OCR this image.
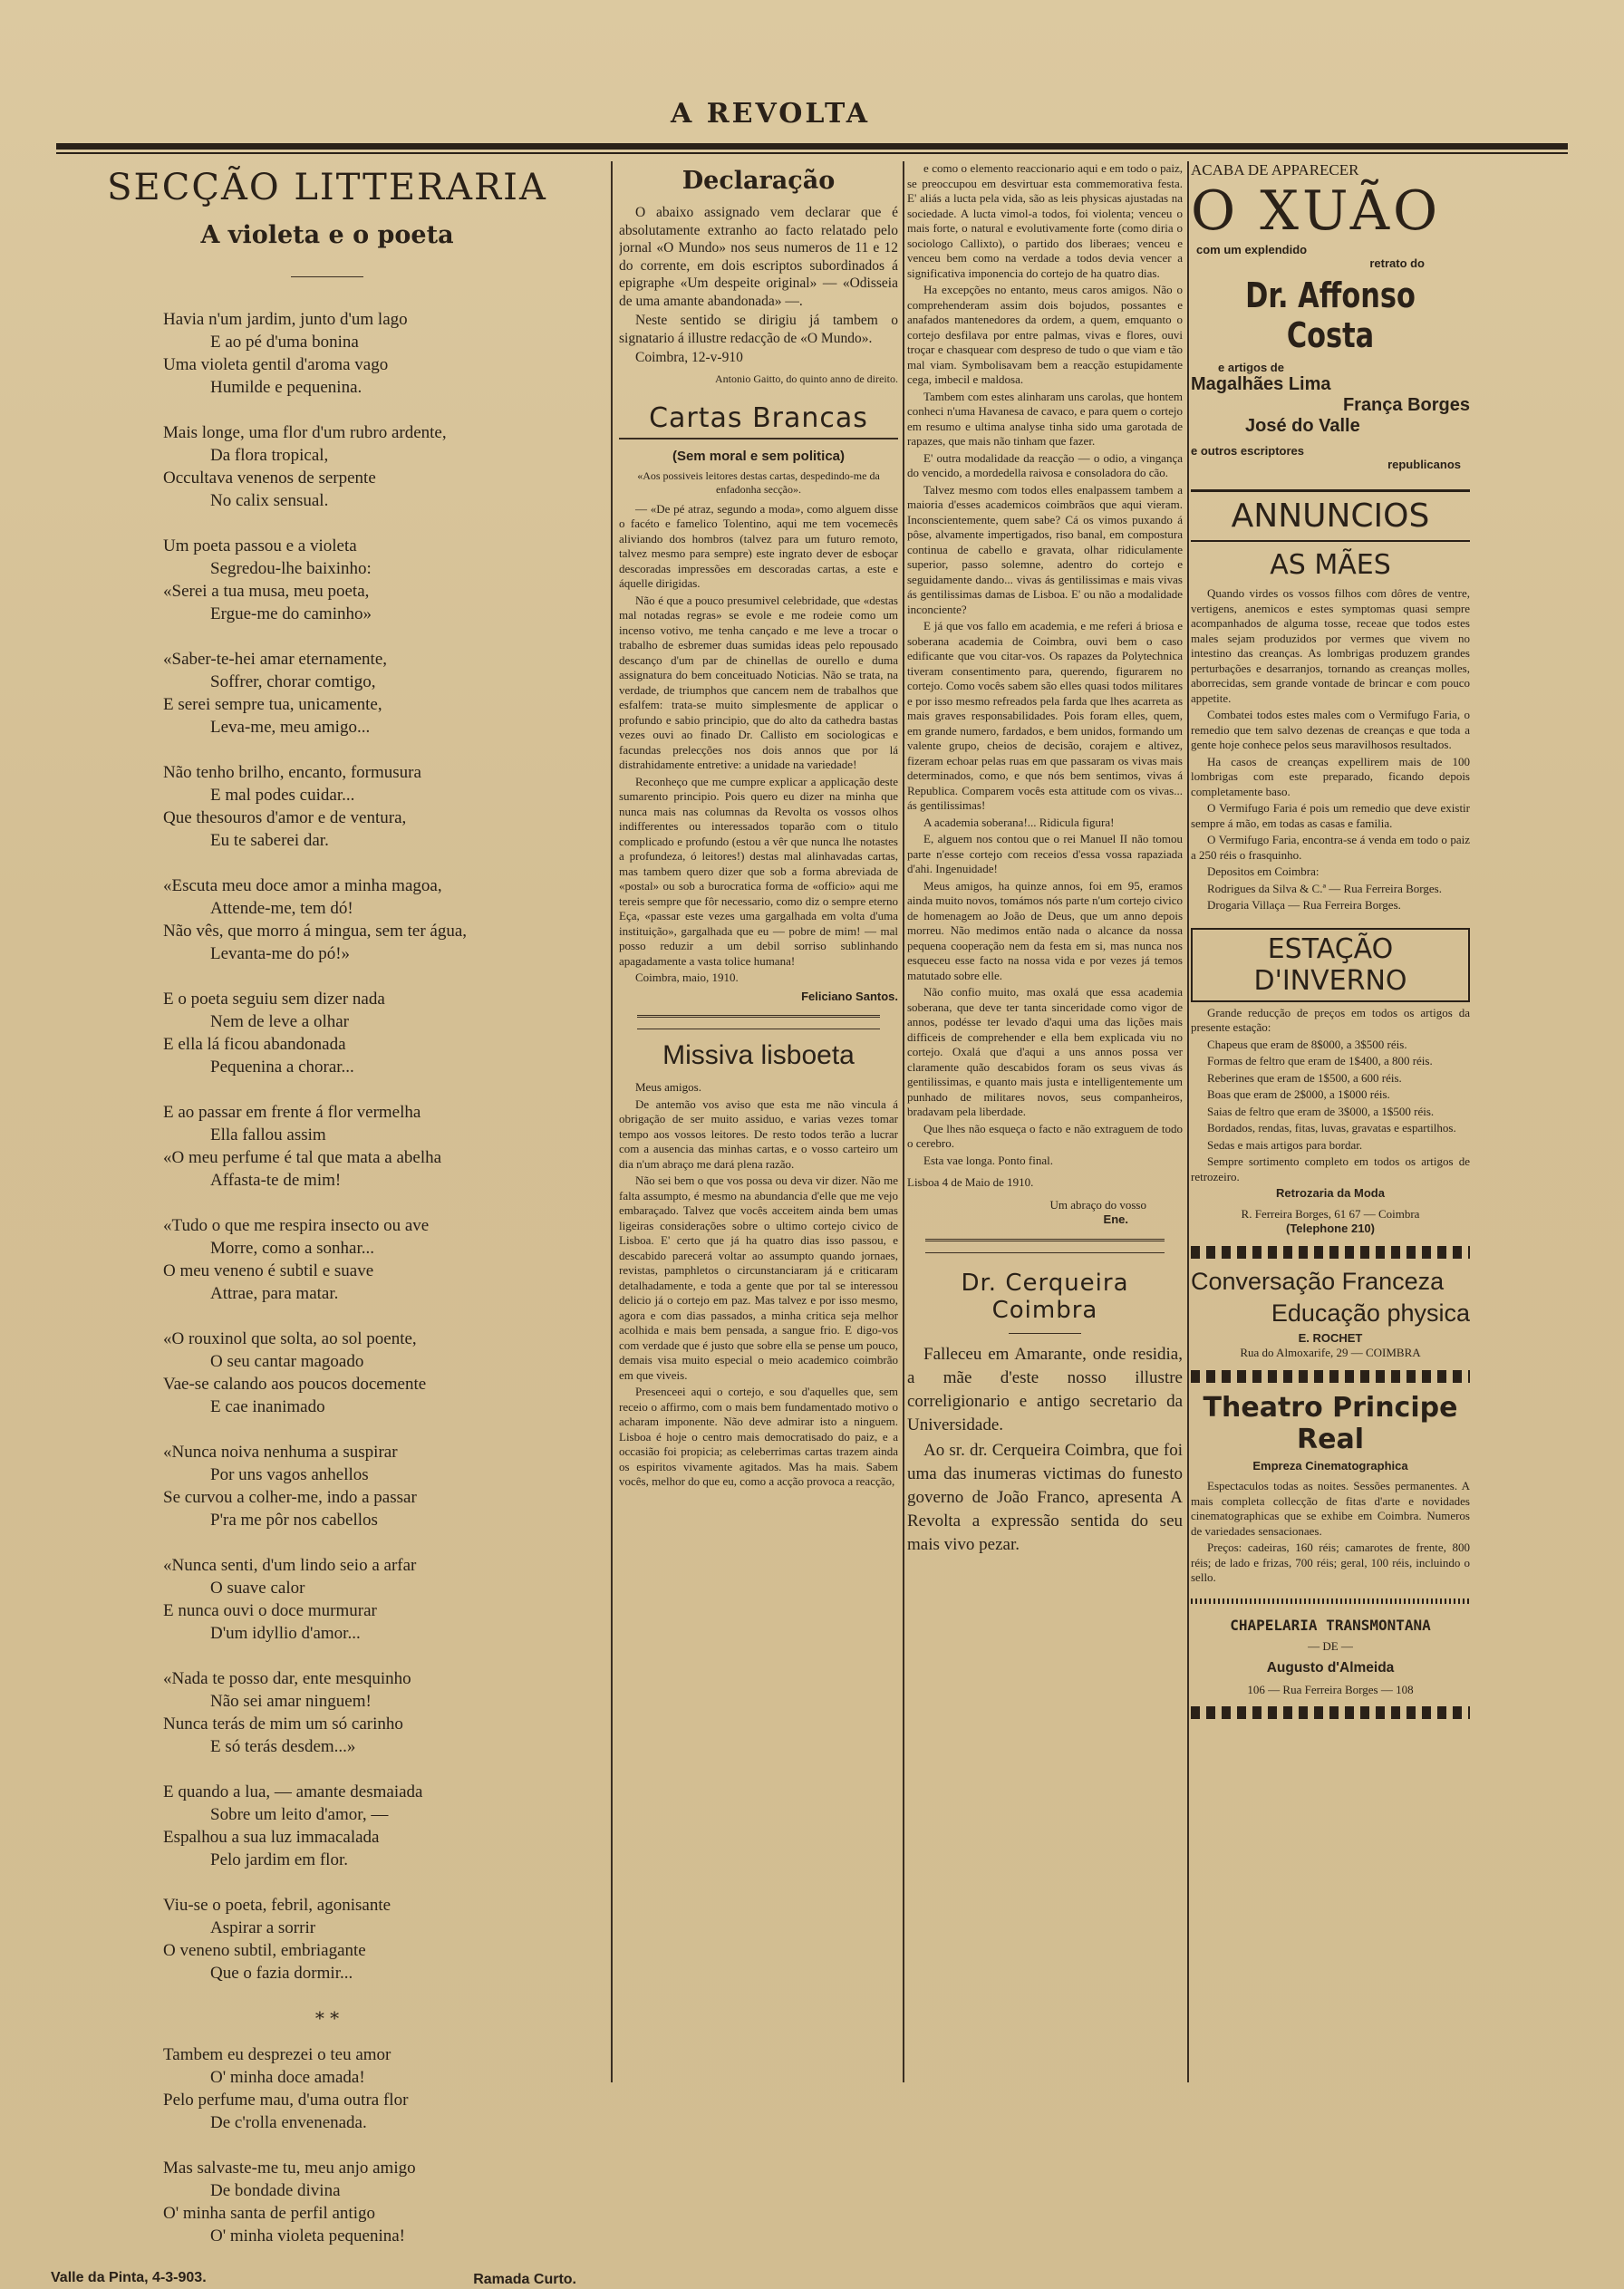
A REVOLTA
SECÇÃO LITTERARIA
A violeta e o poeta
Havia n'um jardim, junto d'um lago
E ao pé d'uma bonina
Uma violeta gentil d'aroma vago
Humilde e pequenina.
Mais longe, uma flor d'um rubro ardente,
Da flora tropical,
Occultava venenos de serpente
No calix sensual.
Um poeta passou e a violeta
Segredou-lhe baixinho:
«Serei a tua musa, meu poeta,
Ergue-me do caminho»
«Saber-te-hei amar eternamente,
Soffrer, chorar comtigo,
E serei sempre tua, unicamente,
Leva-me, meu amigo...
Não tenho brilho, encanto, formusura
E mal podes cuidar...
Que thesouros d'amor e de ventura,
Eu te saberei dar.
«Escuta meu doce amor a minha magoa,
Attende-me, tem dó!
Não vês, que morro á mingua, sem ter água,
Levanta-me do pó!»
E o poeta seguiu sem dizer nada
Nem de leve a olhar
E ella lá ficou abandonada
Pequenina a chorar...
E ao passar em frente á flor vermelha
Ella fallou assim
«O meu perfume é tal que mata a abelha
Affasta-te de mim!
«Tudo o que me respira insecto ou ave
Morre, como a sonhar...
O meu veneno é subtil e suave
Attrae, para matar.
«O rouxinol que solta, ao sol poente,
O seu cantar magoado
Vae-se calando aos poucos docemente
E cae inanimado
«Nunca noiva nenhuma a suspirar
Por uns vagos anhellos
Se curvou a colher-me, indo a passar
P'ra me pôr nos cabellos
«Nunca senti, d'um lindo seio a arfar
O suave calor
E nunca ouvi o doce murmurar
D'um idyllio d'amor...
«Nada te posso dar, ente mesquinho
Não sei amar ninguem!
Nunca terás de mim um só carinho
E só terás desdem...»
E quando a lua, — amante desmaiada
Sobre um leito d'amor, —
Espalhou a sua luz immacalada
Pelo jardim em flor.
Viu-se o poeta, febril, agonisante
Aspirar a sorrir
O veneno subtil, embriagante
Que o fazia dormir...
* *
Tambem eu desprezei o teu amor
O' minha doce amada!
Pelo perfume mau, d'uma outra flor
De c'rolla envenenada.
Mas salvaste-me tu, meu anjo amigo
De bondade divina
O' minha santa de perfil antigo
O' minha violeta pequenina!
Valle da Pinta, 4-3-903.	Ramada Curto.
Declaração

O abaixo assignado vem declarar que é absolutamente extranho ao facto relatado pelo jornal «O Mundo» nos seus numeros de 11 e 12 do corrente, em dois escriptos subordinados á epigraphe «Um despeite original» — «Odisseia de uma amante abandonada» —.

Neste sentido se dirigiu já tambem o signatario á illustre redacção de «O Mundo».

Coimbra, 12-v-910

Antonio Gaitto, do quinto anno de direito.
Cartas Brancas
(Sem moral e sem politica)
«Aos possiveis leitores destas cartas, despedindo-me da enfadonha secção».

— «De pé atraz, segundo a moda», como alguem disse o facéto e famelico Tolentino, aqui me tem vocemecês aliviando dos hombros (talvez para um futuro remoto, talvez mesmo para sempre) este ingrato dever de esboçar descoradas impressões em descoradas cartas, a este e áquelle dirigidas.

Não é que a pouco presumivel celebridade, que «destas mal notadas regras» se evole e me rodeie como um incenso votivo, me tenha cançado e me leve a trocar o trabalho de esbremer duas sumidas ideas pelo repousado descanço d'um par de chinellas de ourello e duma assignatura do bem conceituado Noticias. Não se trata, na verdade, de triumphos que cancem nem de trabalhos que esfalfem: trata-se muito simplesmente de applicar o profundo e sabio principio, que do alto da cathedra bastas vezes ouvi ao finado Dr. Callisto em sociologicas e facundas prelecções nos dois annos que por lá distrahidamente entretive: a unidade na variedade!

Reconheço que me cumpre explicar a applicação deste sumarento principio. Pois quero eu dizer na minha que nunca mais nas columnas da Revolta os vossos olhos indifferentes ou interessados toparão com o titulo complicado e profundo (estou a vêr que nunca lhe notastes a profundeza, ó leitores!) destas mal alinhavadas cartas, mas tambem quero dizer que sob a forma abreviada de «postal» ou sob a burocratica forma de «officio» aqui me tereis sempre que fôr necessario, como diz o sempre eterno Eça, «passar este vezes uma gargalhada em volta d'uma instituição», gargalhada que eu — pobre de mim! — mal posso reduzir a um debil sorriso sublinhando apagadamente a vasta tolice humana!

Coimbra, maio, 1910.

Feliciano Santos.
Missiva lisboeta

Meus amigos.

De antemão vos aviso que esta me não vincula á obrigação de ser muito assiduo, e varias vezes tomar tempo aos vossos leitores. De resto todos terão a lucrar com a ausencia das minhas cartas, e o vosso carteiro um dia n'um abraço me dará plena razão.

Não sei bem o que vos possa ou deva vir dizer. Não me falta assumpto, é mesmo na abundancia d'elle que me vejo embaraçado. Talvez que vocês acceitem ainda bem umas ligeiras considerações sobre o ultimo cortejo civico de Lisboa. E' certo que já ha quatro dias isso passou, e descabido parecerá voltar ao assumpto quando jornaes, revistas, pamphletos o circunstanciaram já e criticaram detalhadamente, e toda a gente que por tal se interessou delicio já o cortejo em paz. Mas talvez e por isso mesmo, agora e com dias passados, a minha critica seja melhor acolhida e mais bem pensada, a sangue frio. E digo-vos com verdade que é justo que sobre ella se pense um pouco, demais visa muito especial o meio academico coimbrão em que viveis.

Presenceei aqui o cortejo, e sou d'aquelles que, sem receio o affirmo, com o mais bem fundamentado motivo o acharam imponente. Não deve admirar isto a ninguem. Lisboa é hoje o centro mais democratisado do paiz, e a occasião foi propicia; as celeberrimas cartas trazem ainda os espiritos vivamente agitados. Mas ha mais. Sabem vocês, melhor do que eu, como a acção provoca a reacção,

e como o elemento reaccionario aqui e em todo o paiz, se preoccupou em desvirtuar esta commemorativa festa. E' aliás a lucta pela vida, são as leis physicas ajustadas na sociedade. A lucta vimol-a todos, foi violenta; venceu o mais forte, o natural e evolutivamente forte (como diria o sociologo Callixto), o partido dos liberaes; venceu e venceu bem como na verdade a todos devia vencer a significativa imponencia do cortejo de ha quatro dias.

Ha excepções no entanto, meus caros amigos. Não o comprehenderam assim dois bojudos, possantes e anafados mantenedores da ordem, a quem, emquanto o cortejo desfilava por entre palmas, vivas e flores, ouvi troçar e chasquear com despreso de tudo o que viam e tão mal viam. Symbolisavam bem a reacção estupidamente cega, imbecil e maldosa.

Tambem com estes alinharam uns carolas, que hontem conheci n'uma Havanesa de cavaco, e para quem o cortejo em resumo e ultima analyse tinha sido uma garotada de rapazes, que mais não tinham que fazer.

E' outra modalidade da reacção — o odio, a vingança do vencido, a mordedella raivosa e consoladora do cão.

Talvez mesmo com todos elles enalpassem tambem a maioria d'esses academicos coimbrãos que aqui vieram. Inconscientemente, quem sabe? Cá os vimos puxando á pôse, alvamente impertigados, riso banal, em compostura continua de cabello e gravata, olhar ridiculamente superior, passo solemne, adentro do cortejo e seguidamente dando... vivas ás gentilissimas e mais vivas ás gentilissimas damas de Lisboa. E' ou não a modalidade inconciente?

E já que vos fallo em academia, e me referi á briosa e soberana academia de Coimbra, ouvi bem o caso edificante que vou citar-vos. Os rapazes da Polytechnica tiveram consentimento para, querendo, figurarem no cortejo. Como vocês sabem são elles quasi todos militares e por isso mesmo refreados pela farda que lhes acarreta as mais graves responsabilidades. Pois foram elles, quem, em grande numero, fardados, e bem unidos, formando um valente grupo, cheios de decisão, corajem e altivez, fizeram echoar pelas ruas em que passaram os vivas mais determinados, como, e que nós bem sentimos, vivas á Republica. Comparem vocês esta attitude com os vivas... ás gentilissimas!

A academia soberana!... Ridicula figura!

E, alguem nos contou que o rei Manuel II não tomou parte n'esse cortejo com receios d'essa vossa rapaziada d'ahi. Ingenuidade!

Meus amigos, ha quinze annos, foi em 95, eramos ainda muito novos, tomámos nós parte n'um cortejo civico de homenagem ao João de Deus, que um anno depois morreu. Não medimos então nada o alcance da nossa pequena cooperação nem da festa em si, mas nunca nos esqueceu esse facto na nossa vida e por vezes já temos matutado sobre elle.

Não confio muito, mas oxalá que essa academia soberana, que deve ter tanta sinceridade como vigor de annos, podésse ter levado d'aqui uma das lições mais difficeis de comprehender e ella bem explicada viu no cortejo. Oxalá que d'aqui a uns annos possa ver claramente quão descabidos foram os seus vivas ás gentilissimas, e quanto mais justa e intelligentemente um punhado de militares novos, seus companheiros, bradavam pela liberdade.

Que lhes não esqueça o facto e não extraguem de todo o cerebro.

Esta vae longa. Ponto final.

Lisboa 4 de Maio de 1910.
Um abraço do vosso
Ene.
Dr. Cerqueira Coimbra

Falleceu em Amarante, onde residia, a mãe d'este nosso illustre correligionario e antigo secretario da Universidade.

Ao sr. dr. Cerqueira Coimbra, que foi uma das inumeras victimas do funesto governo de João Franco, apresenta A Revolta a expressão sentida do seu mais vivo pezar.

ACABA DE APPARECER
O XUÃO
com um explendido
retrato do
Dr. Affonso Costa
e artigos de
Magalhães Lima
França Borges
José do Valle
e outros escriptores
republicanos
ANNUNCIOS
AS MÃES

Quando virdes os vossos filhos com dôres de ventre, vertigens, anemicos e estes symptomas quasi sempre acompanhados de alguma tosse, receae que todos estes males sejam produzidos por vermes que vivem no intestino das creanças. As lombrigas produzem grandes perturbações e desarranjos, tornando as creanças molles, aborrecidas, sem grande vontade de brincar e com pouco appetite.

Combatei todos estes males com o Vermifugo Faria, o remedio que tem salvo dezenas de creanças e que toda a gente hoje conhece pelos seus maravilhosos resultados.

Ha casos de creanças expellirem mais de 100 lombrigas com este preparado, ficando depois completamente baso.

O Vermifugo Faria é pois um remedio que deve existir sempre á mão, em todas as casas e familia.

O Vermifugo Faria, encontra-se á venda em todo o paiz a 250 réis o frasquinho.

Depositos em Coimbra:

Rodrigues da Silva & C.ª — Rua Ferreira Borges.

Drogaria Villaça — Rua Ferreira Borges.

ESTAÇÃO D'INVERNO

Grande reducção de preços em todos os artigos da presente estação:

Chapeus que eram de 8$000, a 3$500 réis.

Formas de feltro que eram de 1$400, a 800 réis.

Reberines que eram de 1$500, a 600 réis.

Boas que eram de 2$000, a 1$000 réis.

Saias de feltro que eram de 3$000, a 1$500 réis.

Bordados, rendas, fitas, luvas, gravatas e espartilhos.

Sedas e mais artigos para bordar.

Sempre sortimento completo em todos os artigos de retrozeiro.

Retrozaria da Moda
R. Ferreira Borges, 61 67 — Coimbra
(Telephone 210)
Conversação Franceza
Educação physica
E. ROCHET
Rua do Almoxarife, 29 — COIMBRA
Theatro Principe Real
Empreza Cinematographica

Espectaculos todas as noites. Sessões permanentes. A mais completa collecção de fitas d'arte e novidades cinematographicas que se exhibe em Coimbra. Numeros de variedades sensacionaes.

Preços: cadeiras, 160 réis; camarotes de frente, 800 réis; de lado e frizas, 700 réis; geral, 100 réis, incluindo o sello.

CHAPELARIA TRANSMONTANA
— DE —
Augusto d'Almeida
106 — Rua Ferreira Borges — 108
